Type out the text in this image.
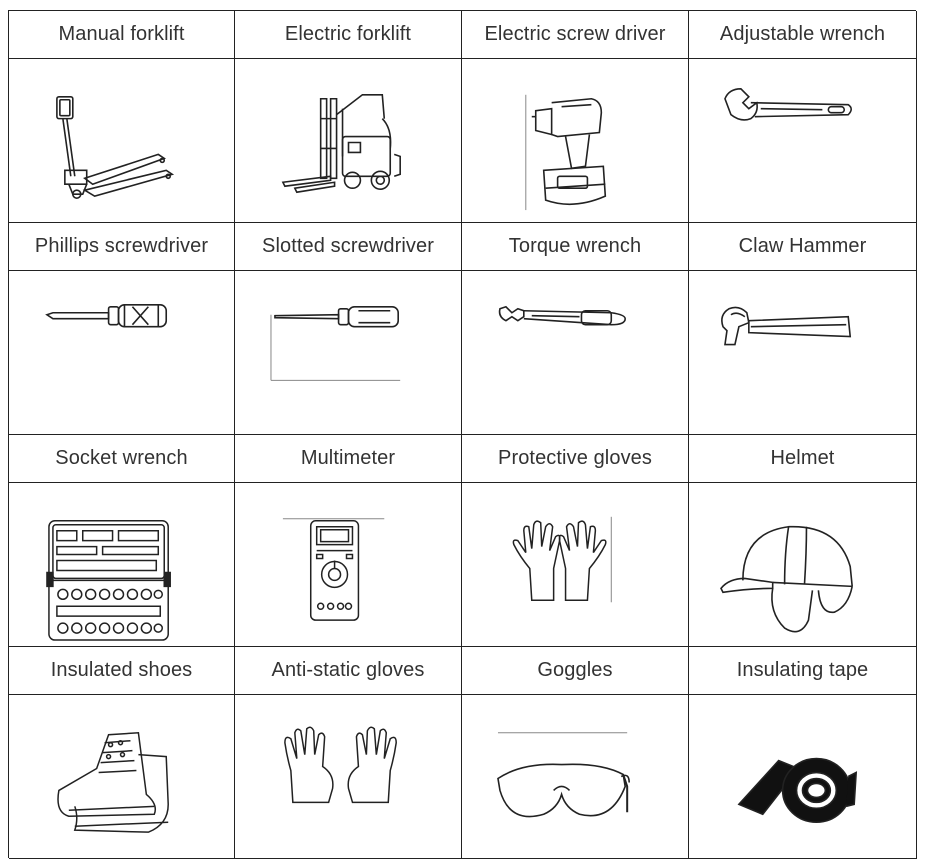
Manual forklift	Electric forklift	Electric screw driver	Adjustable wrench
Phillips screwdriver	Slotted screwdriver	Torque wrench	Claw Hammer
Socket wrench	Multimeter	Protective gloves	Helmet
Insulated shoes	Anti-static gloves	Goggles	Insulating tape
